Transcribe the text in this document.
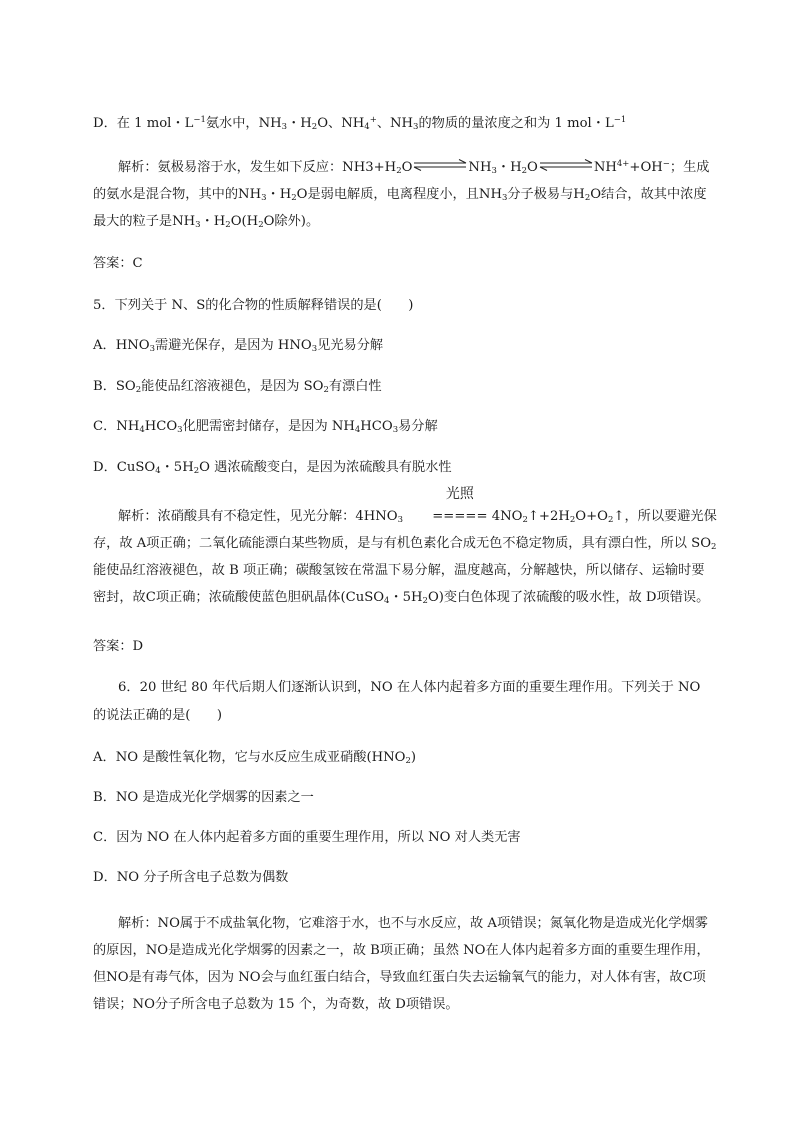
D．在 1 mol・$L^{-1}$氨水中，$NH_3$・$H_2O$、$NH_4^+$、$NH_3$的物质的量浓度之和为 1 mol・$L^{-1}$
解析：氨极易溶于水，发生如下反应：$NH3+H_2O$	$NH_3$・$H_2O$	$NH^{4+}+OH^-$；生成的氨水是混合物，其中的$NH_3$・$H_2O$是弱电解质，电离程度小，且$NH_3$分子极易与$H_2O$结合，故其中浓度最大的粒子是$NH_3$・$H_2O(H_2O$除外)。
答案：C
5．下列关于 N、S的化合物的性质解释错误的是(　　)
A．$HNO_3$需避光保存，是因为 $HNO_3$见光易分解
B．$SO_2$能使品红溶液褪色，是因为 $SO_2$有漂白性
C．$NH_4HCO_3$化肥需密封储存，是因为 $NH_4HCO_3$易分解
D．CuSO$_4$・$5H_2O$ 遇浓硫酸变白，是因为浓硫酸具有脱水性
解析：浓硝酸具有不稳定性，见光分解：$4HNO_3$
光照
===== $4NO_2↑+2H_2O+O_2↑$，所以要避光保存，故 A项正确；二氧化硫能漂白某些物质，是与有机色素化合成无色不稳定物质，具有漂白性，所以 $SO_2$能使品红溶液褪色，故 B 项正确；碳酸氢铵在常温下易分解，温度越高，分解越快，所以储存、运输时要密封，故C项正确；浓硫酸使蓝色胆矾晶体(CuSO$_4$・$5H_2O$)变白色体现了浓硫酸的吸水性，故 D项错误。
答案：D
6．20 世纪 80 年代后期人们逐渐认识到，NO 在人体内起着多方面的重要生理作用。下列关于 NO 的说法正确的是(　　)
A．NO 是酸性氧化物，它与水反应生成亚硝酸$(HNO_2)$
B．NO 是造成光化学烟雾的因素之一
C．因为 NO 在人体内起着多方面的重要生理作用，所以 NO 对人类无害
D．NO 分子所含电子总数为偶数
解析：NO属于不成盐氧化物，它难溶于水，也不与水反应，故 A项错误；氮氧化物是造成光化学烟雾的原因，NO是造成光化学烟雾的因素之一，故 B项正确；虽然 NO在人体内起着多方面的重要生理作用，但NO是有毒气体，因为 NO会与血红蛋白结合，导致血红蛋白失去运输氧气的能力，对人体有害，故C项错误；NO分子所含电子总数为 15 个，为奇数，故 D项错误。
